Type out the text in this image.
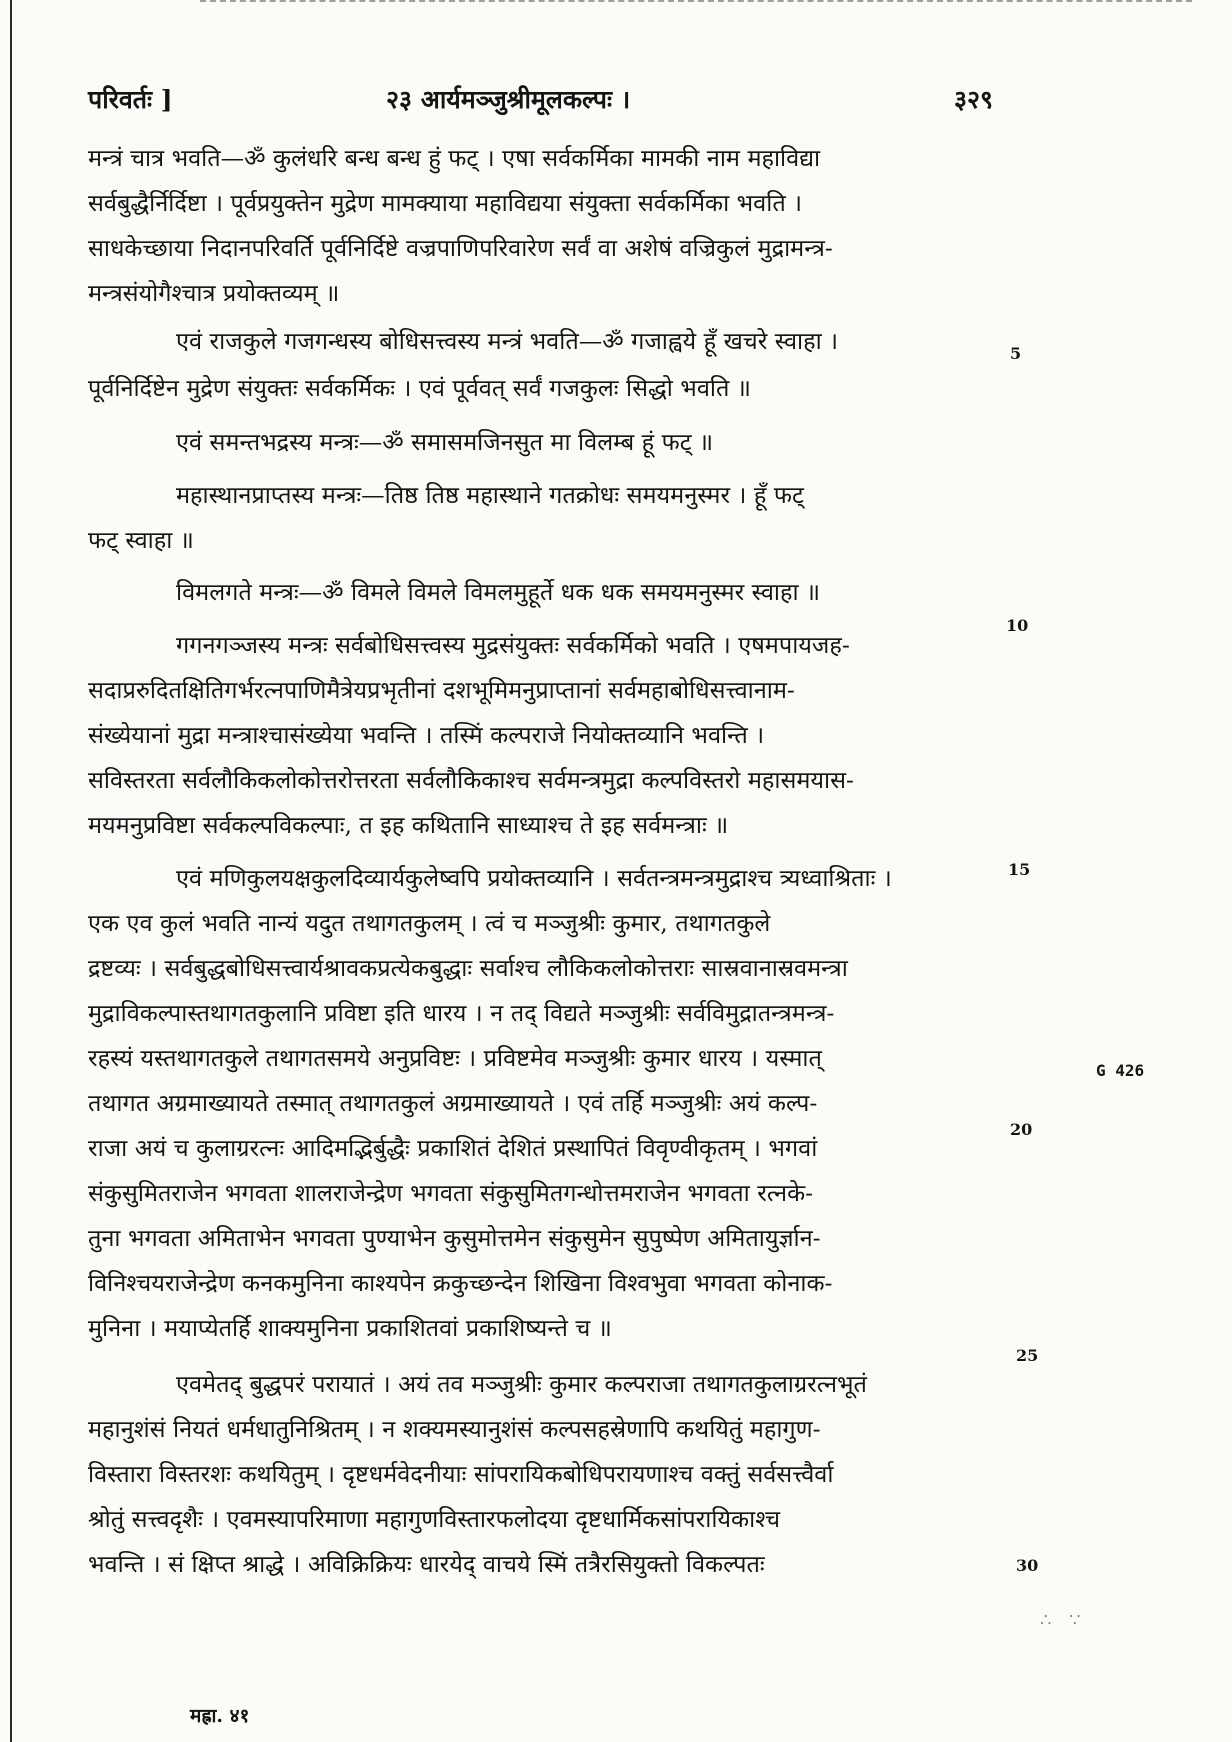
परिवर्तः ]	२३ आर्यमञ्जुश्रीमूलकल्पः ।	३२९
मन्त्रं चात्र भवति—ॐ कुलंधरि बन्ध बन्ध हुं फट् । एषा सर्वकर्मिका मामकी नाम महाविद्या
सर्वबुद्धैर्निर्दिष्टा । पूर्वप्रयुक्तेन मुद्रेण मामक्याया महाविद्यया संयुक्ता सर्वकर्मिका भवति ।
साधकेच्छाया निदानपरिवर्ति पूर्वनिर्दिष्टे वज्रपाणिपरिवारेण सर्वं वा अशेषं वज्रिकुलं मुद्रामन्त्र-
मन्त्रसंयोगैश्चात्र प्रयोक्तव्यम् ॥
एवं राजकुले गजगन्धस्य बोधिसत्त्वस्य मन्त्रं भवति—ॐ गजाह्वये हूँ खचरे स्वाहा ।
पूर्वनिर्दिष्टेन मुद्रेण संयुक्तः सर्वकर्मिकः । एवं पूर्ववत् सर्वं गजकुलः सिद्धो भवति ॥
एवं समन्तभद्रस्य मन्त्रः—ॐ समासमजिनसुत मा विलम्ब हूं फट् ॥
महास्थानप्राप्तस्य मन्त्रः—तिष्ठ तिष्ठ महास्थाने गतक्रोधः समयमनुस्मर । हूँ फट्
फट् स्वाहा ॥
विमलगते मन्त्रः—ॐ विमले विमले विमलमुहूर्ते धक धक समयमनुस्मर स्वाहा ॥
गगनगञ्जस्य मन्त्रः सर्वबोधिसत्त्वस्य मुद्रसंयुक्तः सर्वकर्मिको भवति । एषमपायजह-
सदाप्ररुदितक्षितिगर्भरत्नपाणिमैत्रेयप्रभृतीनां दशभूमिमनुप्राप्तानां सर्वमहाबोधिसत्त्वानाम-
संख्येयानां मुद्रा मन्त्राश्चासंख्येया भवन्ति । तस्मिं कल्पराजे नियोक्तव्यानि भवन्ति ।
सविस्तरता सर्वलौकिकलोकोत्तरोत्तरता सर्वलौकिकाश्च सर्वमन्त्रमुद्रा कल्पविस्तरो महासमयास-
मयमनुप्रविष्टा सर्वकल्पविकल्पाः, त इह कथितानि साध्याश्च ते इह सर्वमन्त्राः ॥
एवं मणिकुलयक्षकुलदिव्यार्यकुलेष्वपि प्रयोक्तव्यानि । सर्वतन्त्रमन्त्रमुद्राश्च त्र्यध्वाश्रिताः ।
एक एव कुलं भवति नान्यं यदुत तथागतकुलम् । त्वं च मञ्जुश्रीः कुमार, तथागतकुले
द्रष्टव्यः । सर्वबुद्धबोधिसत्त्वार्यश्रावकप्रत्येकबुद्धाः सर्वाश्च लौकिकलोकोत्तराः सास्रवानास्रवमन्त्रा
मुद्राविकल्पास्तथागतकुलानि प्रविष्टा इति धारय । न तद् विद्यते मञ्जुश्रीः सर्वविमुद्रातन्त्रमन्त्र-
रहस्यं यस्तथागतकुले तथागतसमये अनुप्रविष्टः । प्रविष्टमेव मञ्जुश्रीः कुमार धारय । यस्मात्
तथागत अग्रमाख्यायते तस्मात् तथागतकुलं अग्रमाख्यायते । एवं तर्हि मञ्जुश्रीः अयं कल्प-
राजा अयं च कुलाग्ररत्नः आदिमद्भिर्बुद्धैः प्रकाशितं देशितं प्रस्थापितं विवृण्वीकृतम् । भगवां
संकुसुमितराजेन भगवता शालराजेन्द्रेण भगवता संकुसुमितगन्धोत्तमराजेन भगवता रत्नके-
तुना भगवता अमिताभेन भगवता पुण्याभेन कुसुमोत्तमेन संकुसुमेन सुपुष्पेण अमितायुर्ज्ञान-
विनिश्चयराजेन्द्रेण कनकमुनिना काश्यपेन क्रकुच्छन्देन शिखिना विश्वभुवा भगवता कोनाक-
मुनिना । मयाप्येतर्हि शाक्यमुनिना प्रकाशितवां प्रकाशिष्यन्ते च ॥
एवमेतद् बुद्धपरं परायातं । अयं तव मञ्जुश्रीः कुमार कल्पराजा तथागतकुलाग्ररत्नभूतं
महानुशंसं नियतं धर्मधातुनिश्रितम् । न शक्यमस्यानुशंसं कल्पसहस्रेणापि कथयितुं महागुण-
विस्तारा विस्तरशः कथयितुम् । दृष्टधर्मवेदनीयाः सांपरायिकबोधिपरायणाश्च वक्तुं सर्वसत्त्वैर्वा
श्रोतुं सत्त्वदृशैः । एवमस्यापरिमाणा महागुणविस्तारफलोदया दृष्टधार्मिकसांपरायिकाश्च
भवन्ति । सं क्षिप्त श्राद्धे । अविक्रिक्रियः धारयेद् वाचये स्मिं तत्रैरसियुक्तो विकल्पतः
5
10
15
20
25
30
G 426
∴ ∵
मह्रा. ४१
